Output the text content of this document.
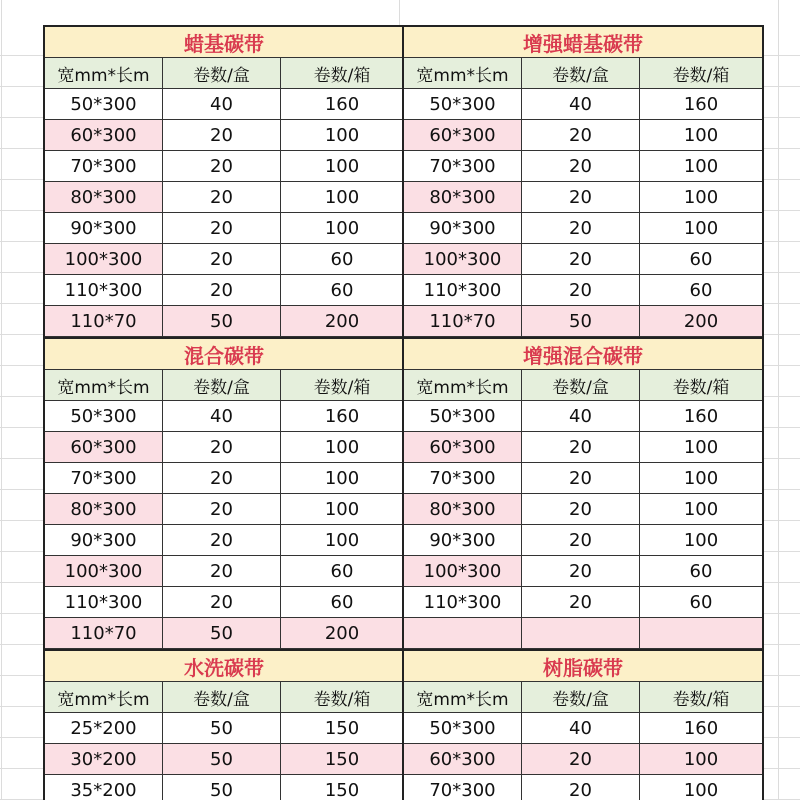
蜡基碳带
宽mm*长m	卷数/盒	卷数/箱
50*300	40	160
60*300	20	100
70*300	20	100
80*300	20	100
90*300	20	100
100*300	20	60
110*300	20	60
110*70	50	200
混合碳带
宽mm*长m	卷数/盒	卷数/箱
50*300	40	160
60*300	20	100
70*300	20	100
80*300	20	100
90*300	20	100
100*300	20	60
110*300	20	60
110*70	50	200
水洗碳带
宽mm*长m	卷数/盒	卷数/箱
25*200	50	150
30*200	50	150
35*200	50	150
增强蜡基碳带
宽mm*长m	卷数/盒	卷数/箱
50*300	40	160
60*300	20	100
70*300	20	100
80*300	20	100
90*300	20	100
100*300	20	60
110*300	20	60
110*70	50	200
增强混合碳带
宽mm*长m	卷数/盒	卷数/箱
50*300	40	160
60*300	20	100
70*300	20	100
80*300	20	100
90*300	20	100
100*300	20	60
110*300	20	60
树脂碳带
宽mm*长m	卷数/盒	卷数/箱
50*300	40	160
60*300	20	100
70*300	20	100
